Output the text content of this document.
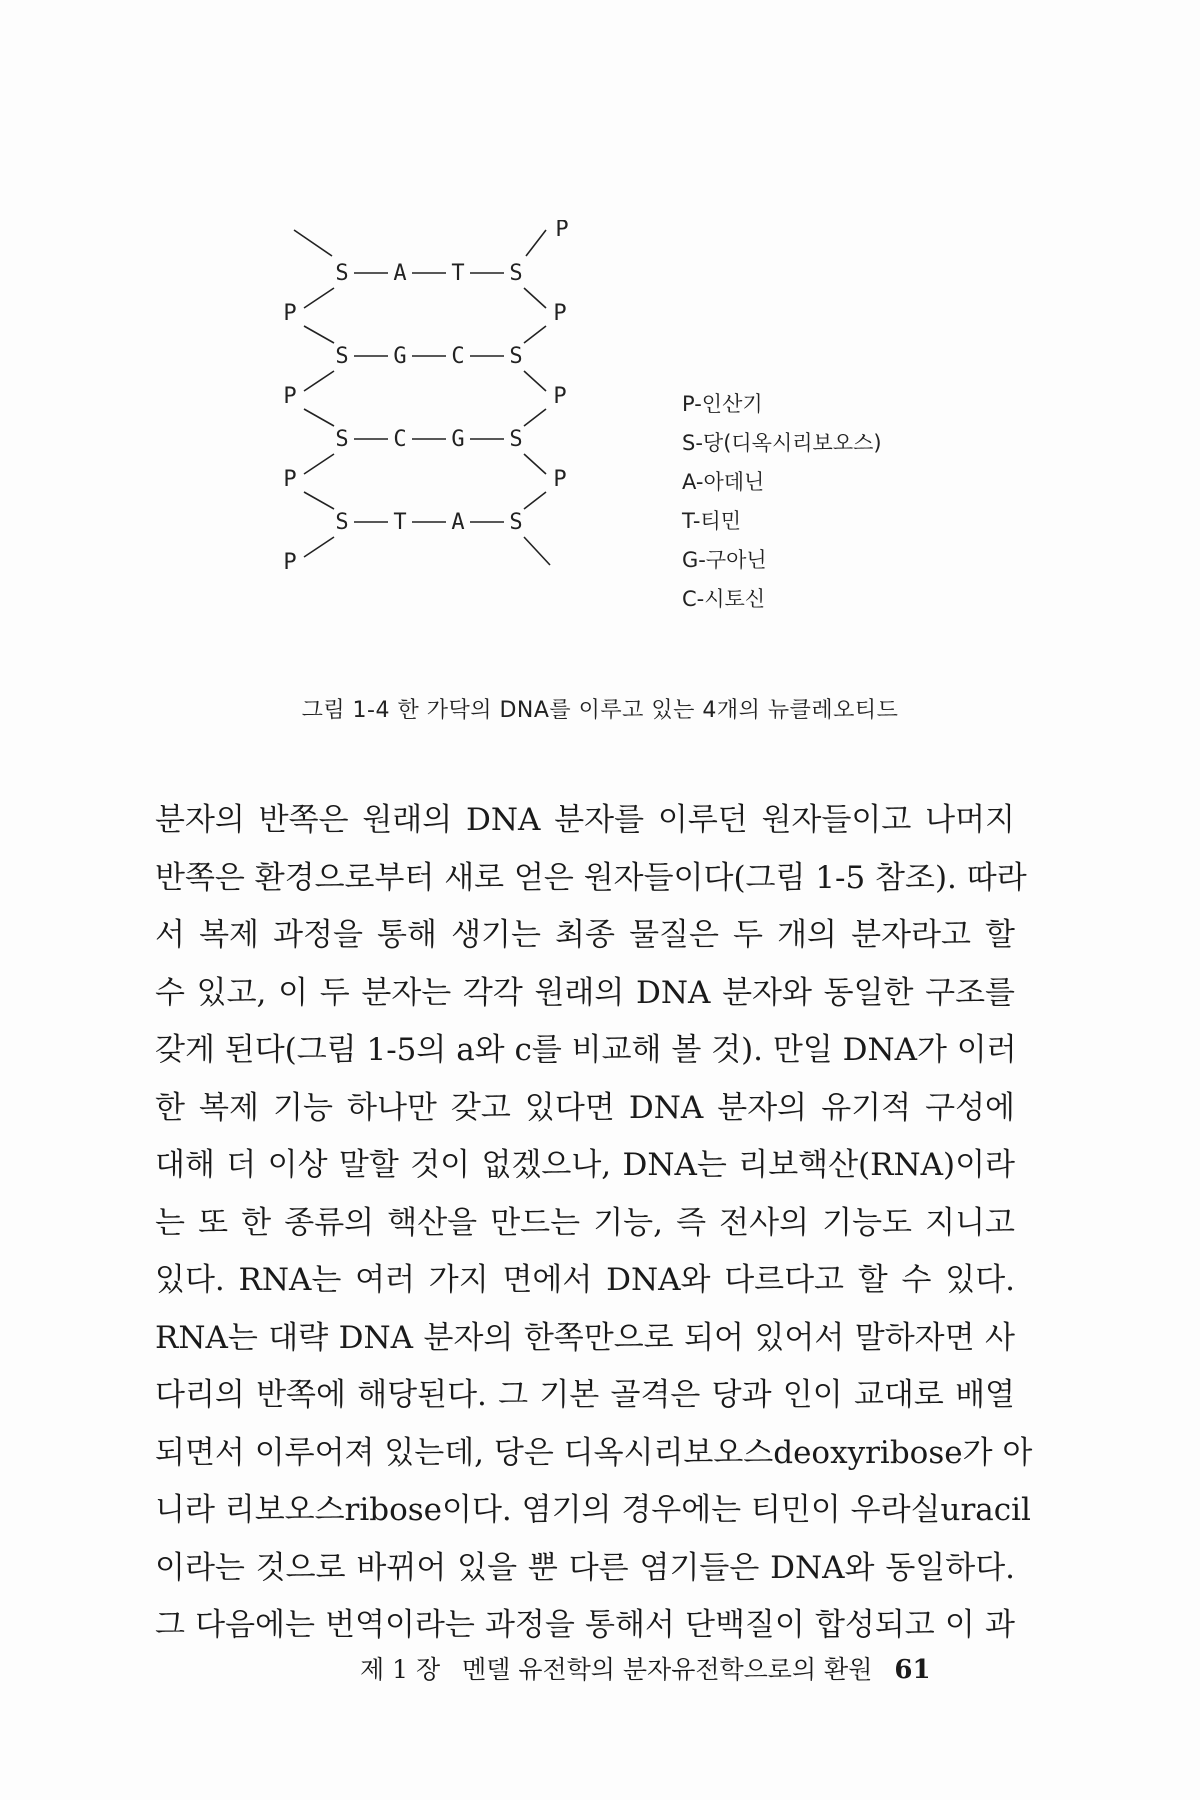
S A T S
P	P
S G C S
P	P
S C G S
P	P
S T A S
P
P
P-인산기
S-당(디옥시리보오스)
A-아데닌
T-티민
G-구아닌
C-시토신
그림 1-4 한 가닥의 DNA를 이루고 있는 4개의 뉴클레오티드
분자의 반쪽은 원래의 DNA 분자를 이루던 원자들이고 나머지
반쪽은 환경으로부터 새로 얻은 원자들이다(그림 1-5 참조). 따라
서 복제 과정을 통해 생기는 최종 물질은 두 개의 분자라고 할
수 있고, 이 두 분자는 각각 원래의 DNA 분자와 동일한 구조를
갖게 된다(그림 1-5의 a와 c를 비교해 볼 것). 만일 DNA가 이러
한 복제 기능 하나만 갖고 있다면 DNA 분자의 유기적 구성에
대해 더 이상 말할 것이 없겠으나, DNA는 리보핵산(RNA)이라
는 또 한 종류의 핵산을 만드는 기능, 즉 전사의 기능도 지니고
있다. RNA는 여러 가지 면에서 DNA와 다르다고 할 수 있다.
RNA는 대략 DNA 분자의 한쪽만으로 되어 있어서 말하자면 사
다리의 반쪽에 해당된다. 그 기본 골격은 당과 인이 교대로 배열
되면서 이루어져 있는데, 당은 디옥시리보오스deoxyribose가 아
니라 리보오스ribose이다. 염기의 경우에는 티민이 우라실uracil
이라는 것으로 바뀌어 있을 뿐 다른 염기들은 DNA와 동일하다.
그 다음에는 번역이라는 과정을 통해서 단백질이 합성되고 이 과
제 1 장 멘델 유전학의 분자유전학으로의 환원 61
